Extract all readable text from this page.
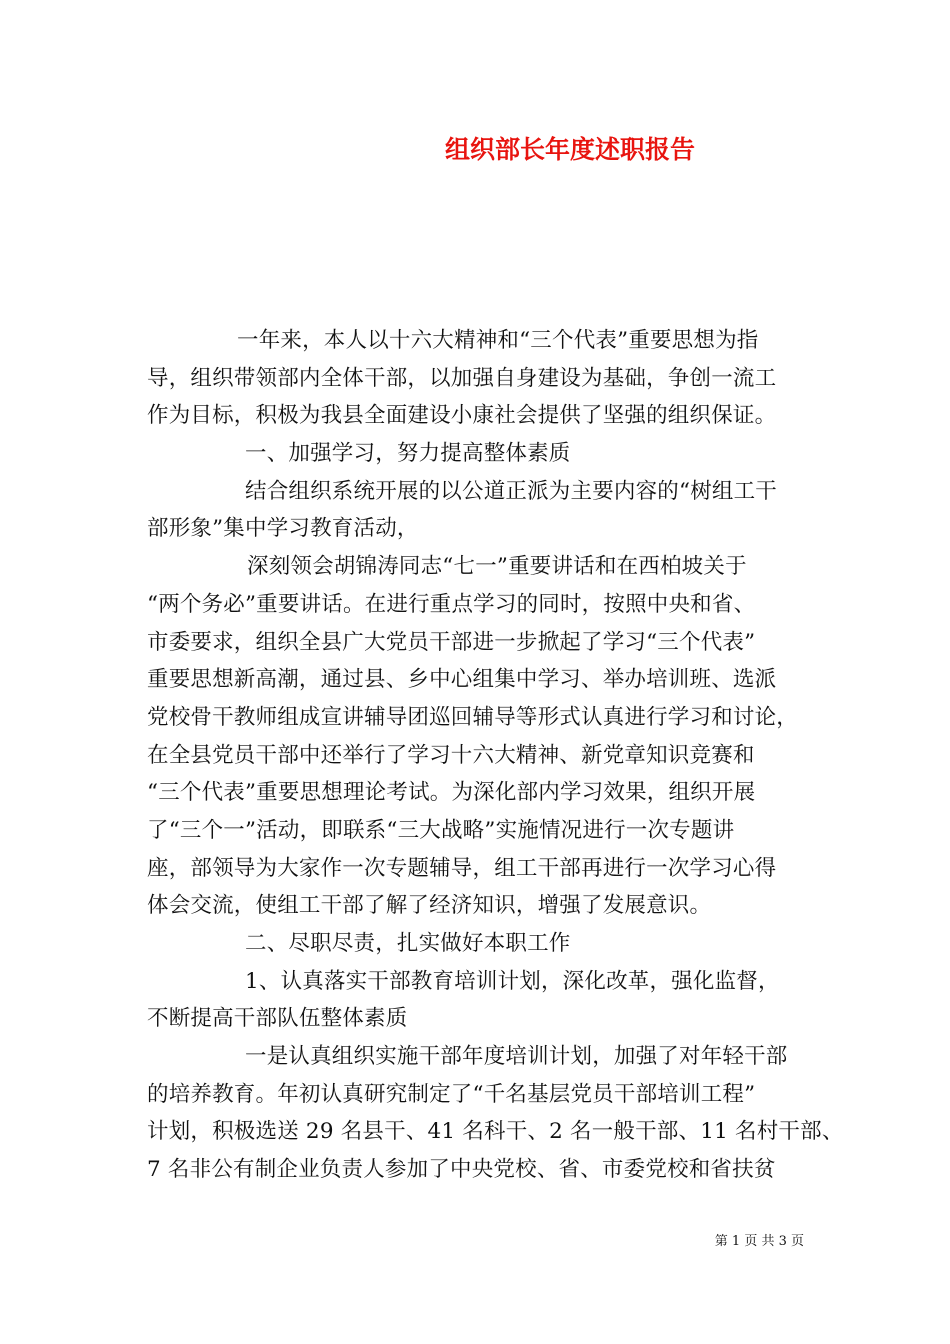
组织部长年度述职报告
一年来，本人以十六大精神和“三个代表”重要思想为指
导，组织带领部内全体干部，以加强自身建设为基础，争创一流工
作为目标，积极为我县全面建设小康社会提供了坚强的组织保证。
一、加强学习，努力提高整体素质
结合组织系统开展的以公道正派为主要内容的“树组工干
部形象”集中学习教育活动，
深刻领会胡锦涛同志“七一”重要讲话和在西柏坡关于
“两个务必”重要讲话。在进行重点学习的同时，按照中央和省、
市委要求，组织全县广大党员干部进一步掀起了学习“三个代表”
重要思想新高潮，通过县、乡中心组集中学习、举办培训班、选派
党校骨干教师组成宣讲辅导团巡回辅导等形式认真进行学习和讨论，
在全县党员干部中还举行了学习十六大精神、新党章知识竞赛和
“三个代表”重要思想理论考试。为深化部内学习效果，组织开展
了“三个一”活动，即联系“三大战略”实施情况进行一次专题讲
座，部领导为大家作一次专题辅导，组工干部再进行一次学习心得
体会交流，使组工干部了解了经济知识，增强了发展意识。
二、尽职尽责，扎实做好本职工作
1、认真落实干部教育培训计划，深化改革，强化监督，
不断提高干部队伍整体素质
一是认真组织实施干部年度培训计划，加强了对年轻干部
的培养教育。年初认真研究制定了“千名基层党员干部培训工程”
计划，积极选送 29 名县干、41 名科干、2 名一般干部、11 名村干部、
7 名非公有制企业负责人参加了中央党校、省、市委党校和省扶贫
第 1 页 共 3 页
